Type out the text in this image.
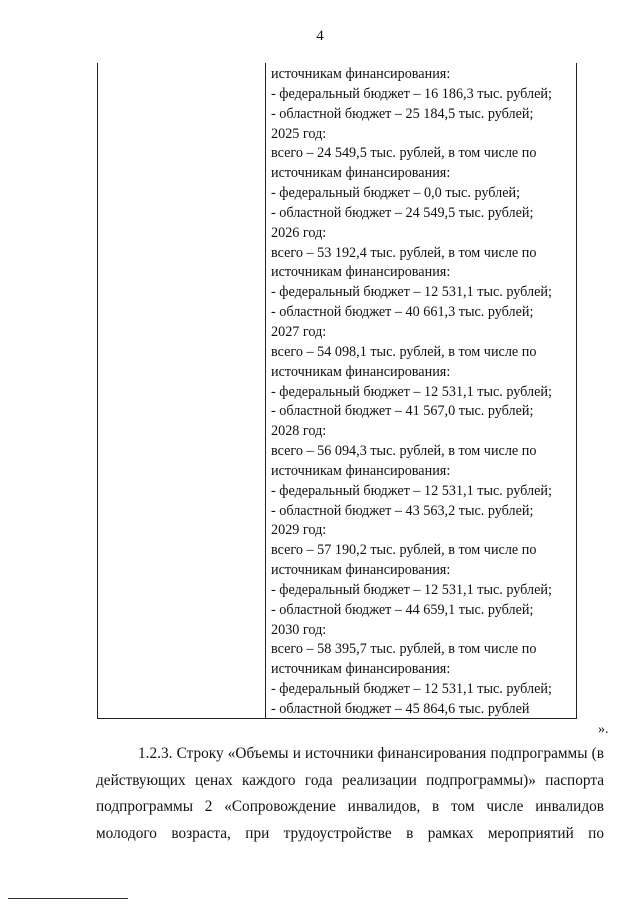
4
источникам финансирования:
- федеральный бюджет – 16 186,3 тыс. рублей;
- областной бюджет – 25 184,5 тыс. рублей;
2025 год:
всего – 24 549,5 тыс. рублей, в том числе по
источникам финансирования:
- федеральный бюджет – 0,0 тыс. рублей;
- областной бюджет – 24 549,5 тыс. рублей;
2026 год:
всего – 53 192,4 тыс. рублей, в том числе по
источникам финансирования:
- федеральный бюджет – 12 531,1 тыс. рублей;
- областной бюджет – 40 661,3 тыс. рублей;
2027 год:
всего – 54 098,1 тыс. рублей, в том числе по
источникам финансирования:
- федеральный бюджет – 12 531,1 тыс. рублей;
- областной бюджет – 41 567,0 тыс. рублей;
2028 год:
всего – 56 094,3 тыс. рублей, в том числе по
источникам финансирования:
- федеральный бюджет – 12 531,1 тыс. рублей;
- областной бюджет – 43 563,2 тыс. рублей;
2029 год:
всего – 57 190,2 тыс. рублей, в том числе по
источникам финансирования:
- федеральный бюджет – 12 531,1 тыс. рублей;
- областной бюджет – 44 659,1 тыс. рублей;
2030 год:
всего – 58 395,7 тыс. рублей, в том числе по
источникам финансирования:
- федеральный бюджет – 12 531,1 тыс. рублей;
- областной бюджет – 45 864,6 тыс. рублей
».
1.2.3. Строку «Объемы и источники финансирования подпрограммы (в
действующих ценах каждого года реализации подпрограммы)» паспорта
подпрограммы 2 «Сопровождение инвалидов, в том числе инвалидов
молодого возраста, при трудоустройстве в рамках мероприятий по
